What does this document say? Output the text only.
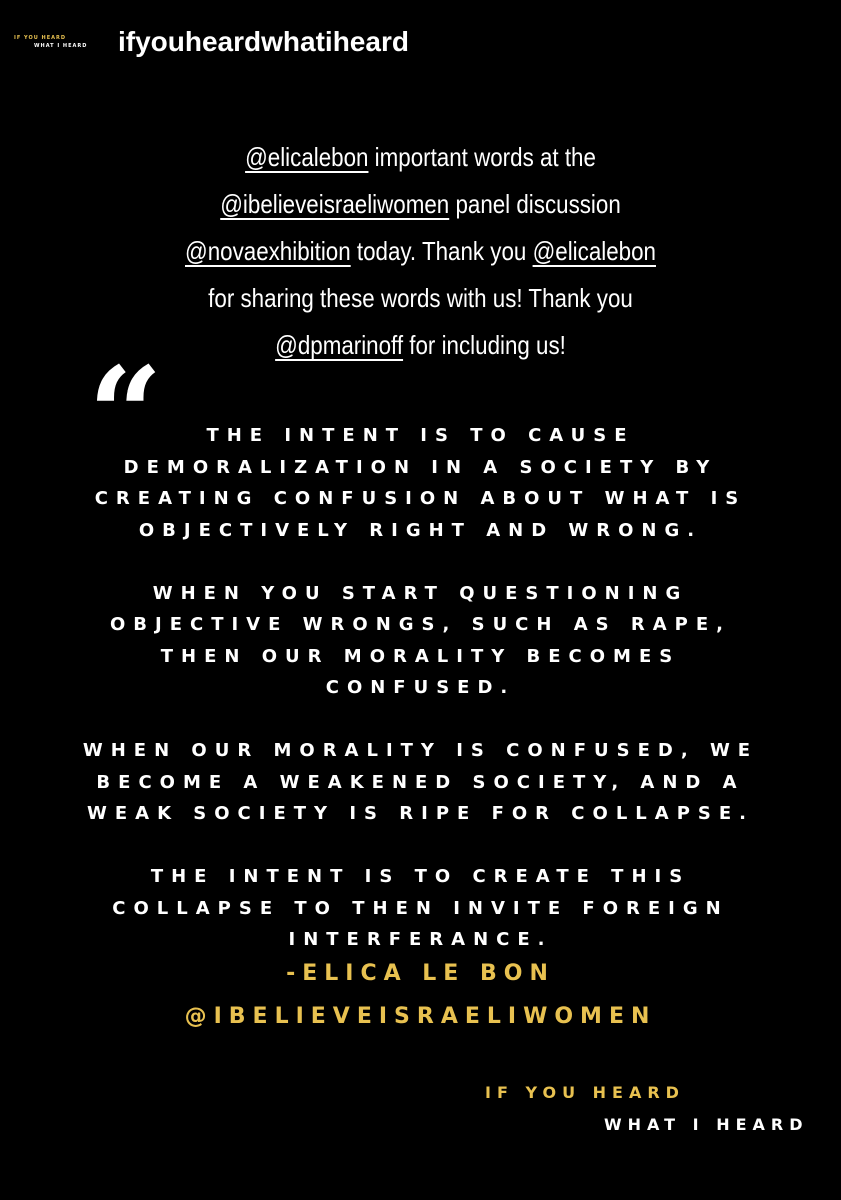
IF YOU HEARD
WHAT I HEARD ifyouheardwhatiheard
@elicalebon important words at the
@ibelieveisraeliwomen panel discussion
@novaexhibition today. Thank you @elicalebon
for sharing these words with us! Thank you
@dpmarinoff for including us!
“	THE INTENT IS TO CAUSE
DEMORALIZATION IN A SOCIETY BY
CREATING CONFUSION ABOUT WHAT IS
OBJECTIVELY RIGHT AND WRONG.
WHEN YOU START QUESTIONING
OBJECTIVE WRONGS, SUCH AS RAPE,
THEN OUR MORALITY BECOMES
CONFUSED.
WHEN OUR MORALITY IS CONFUSED, WE
BECOME A WEAKENED SOCIETY, AND A
WEAK SOCIETY IS RIPE FOR COLLAPSE.
THE INTENT IS TO CREATE THIS
COLLAPSE TO THEN INVITE FOREIGN
INTERFERANCE.
-ELICA LE BON
@IBELIEVEISRAELIWOMEN
IF YOU HEARD
WHAT I HEARD
